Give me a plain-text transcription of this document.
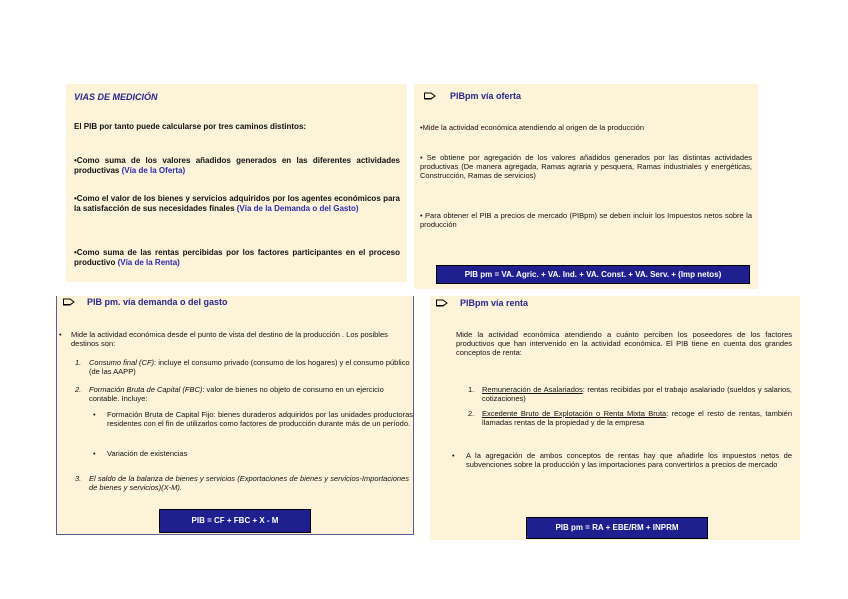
VIAS DE MEDICIÓN
El PIB por tanto puede calcularse por tres caminos distintos:
•Como suma de los valores añadidos generados en las diferentes actividades productivas (Vía de la Oferta)
•Como el valor de los bienes y servicios adquiridos por los agentes económicos para la satisfacción de sus necesidades finales (Vía de la Demanda o del Gasto)
•Como suma de las rentas percibidas por los factores participantes en el proceso productivo (Vía de la Renta)
PIBpm vía oferta
•Mide la actividad económica atendiendo al origen de la producción
• Se obtiene por agregación de los valores añadidos generados por las distintas actividades productivas (De manera agregada, Ramas agraria y pesquera, Ramas industriales y energéticas, Construcción, Ramas de servicios)
• Para obtener el PIB a precios de mercado (PIBpm) se deben incluir los Impuestos netos sobre la producción
PIB pm = VA. Agric. + VA. Ind. + VA. Const. + VA. Serv. + (Imp netos)
PIB pm. vía demanda o del gasto
• Mide la actividad económica desde el punto de vista del destino de la producción . Los posibles destinos son:
1. Consumo final (CF): incluye el consumo privado (consumo de los hogares) y el consumo público (de las AAPP)
2. Formación Bruta de Capital (FBC): valor de bienes no objeto de consumo en un ejercicio contable. Incluye:
• Formación Bruta de Capital Fijo: bienes duraderos adquiridos por las unidades productoras residentes con el fin de utilizarlos como factores de producción durante más de un período.
• Variación de existencias
3. El saldo de la balanza de bienes y servicios (Exportaciones de bienes y servicios-Importaciones de bienes y servicios)(X-M).
PIB = CF + FBC + X - M
PIBpm vía renta
Mide la actividad económica atendiendo a cuánto perciben los poseedores de los factores productivos que han intervenido en la actividad económica. El PIB tiene en cuenta dos grandes conceptos de renta:
1. Remuneración de Asalariados: rentas recibidas por el trabajo asalariado (sueldos y salarios, cotizaciones)
2. Excedente Bruto de Explotación o Renta Mixta Bruta: recoge el resto de rentas, también llamadas rentas de la propiedad y de la empresa
• A la agregación de ambos conceptos de rentas hay que añadirle los impuestos netos de subvenciones sobre la producción y las importaciones para convertirlos a precios de mercado
PIB pm = RA + EBE/RM + INPRM
